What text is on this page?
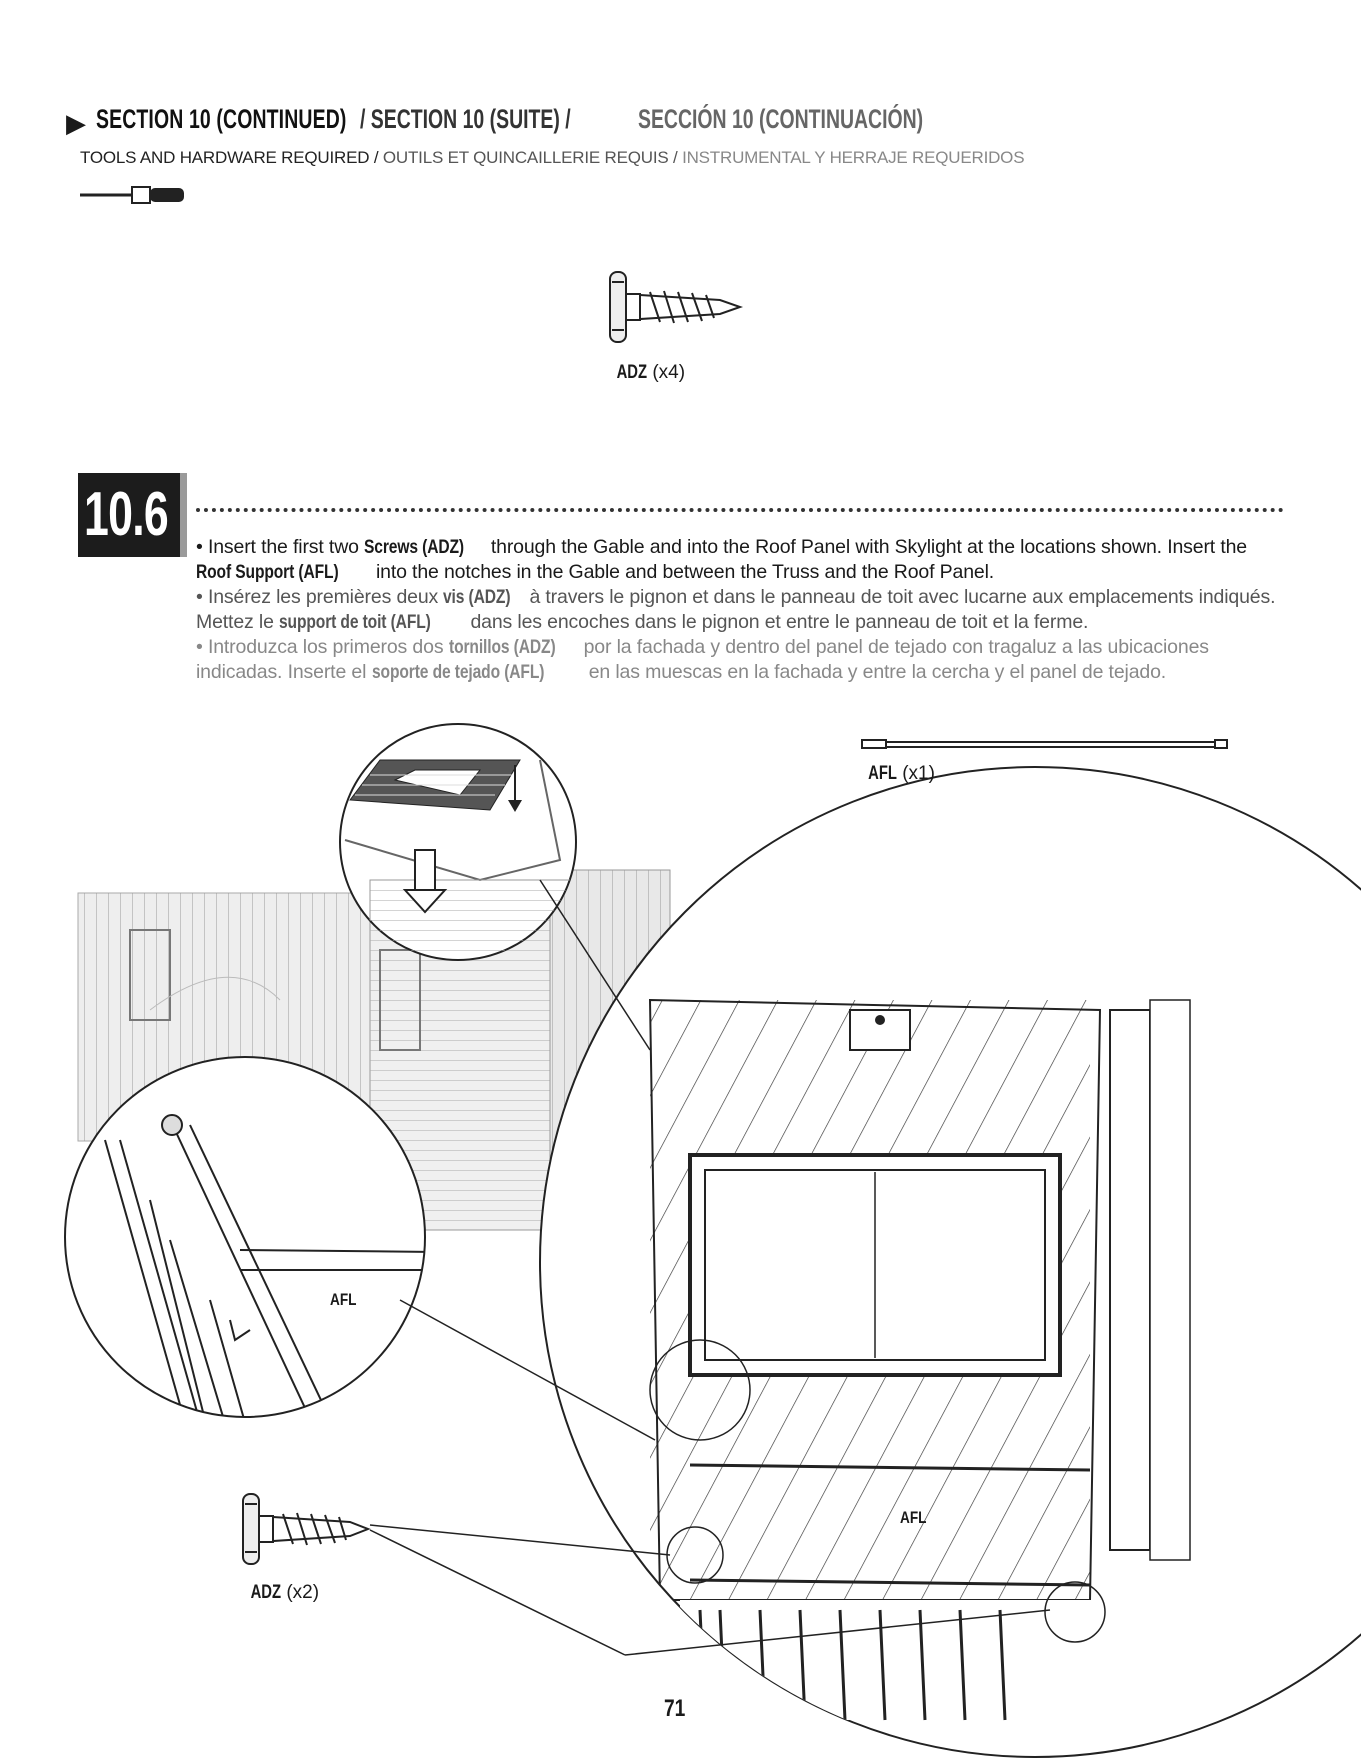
▶ SECTION 10 (CONTINUED) / SECTION 10 (SUITE) /	SECCIÓN 10 (CONTINUACIÓN)
TOOLS AND HARDWARE REQUIRED / OUTILS ET QUINCAILLERIE REQUIS / INSTRUMENTAL Y HERRAJE REQUERIDOS
10.6 • Insert the first two Screws (ADZ) through the Gable and into the Roof Panel with Skylight at the locations shown. Insert the Roof Support (AFL) into the notches in the Gable and between the Truss and the Roof Panel.

• Insérez les premières deux vis (ADZ) à travers le pignon et dans le panneau de toit avec lucarne aux emplacements indiqués. Mettez le support de toit (AFL) dans les encoches dans le pignon et entre le panneau de toit et la ferme.

• Introduzca los primeros dos tornillos (ADZ) por la fachada y dentro del panel de tejado con tragaluz a las ubicaciones indicadas. Inserte el soporte de tejado (AFL) en las muescas en la fachada y entre la cercha y el panel de tejado.

ADZ (x4)
AFL (x1)
AFL
AFL
ADZ (x2)
71
